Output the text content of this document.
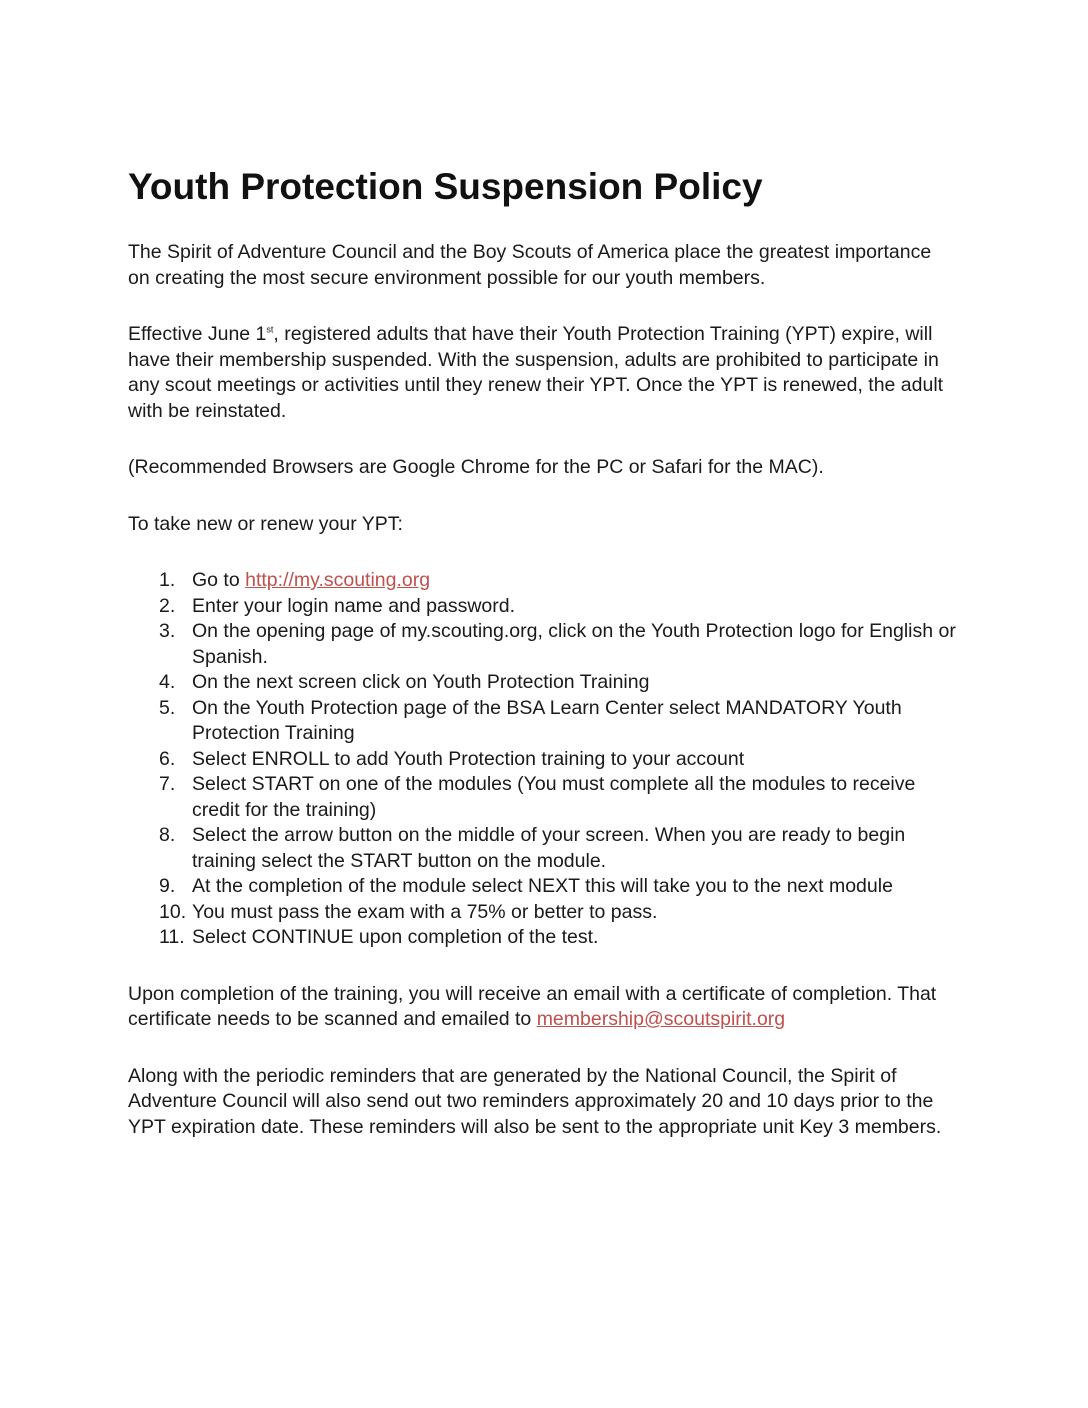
Youth Protection Suspension Policy

The Spirit of Adventure Council and the Boy Scouts of America place the greatest importance on creating the most secure environment possible for our youth members.

Effective June 1st, registered adults that have their Youth Protection Training (YPT) expire, will have their membership suspended. With the suspension, adults are prohibited to participate in any scout meetings or activities until they renew their YPT. Once the YPT is renewed, the adult with be reinstated.

(Recommended Browsers are Google Chrome for the PC or Safari for the MAC).

To take new or renew your YPT:

1. Go to http://my.scouting.org
2. Enter your login name and password.
3. On the opening page of my.scouting.org, click on the Youth Protection logo for English or Spanish.
4. On the next screen click on Youth Protection Training
5. On the Youth Protection page of the BSA Learn Center select MANDATORY Youth Protection Training
6. Select ENROLL to add Youth Protection training to your account
7. Select START on one of the modules (You must complete all the modules to receive credit for the training)
8. Select the arrow button on the middle of your screen. When you are ready to begin training select the START button on the module.
9. At the completion of the module select NEXT this will take you to the next module
10. You must pass the exam with a 75% or better to pass.
11. Select CONTINUE upon completion of the test.

Upon completion of the training, you will receive an email with a certificate of completion. That certificate needs to be scanned and emailed to membership@scoutspirit.org

Along with the periodic reminders that are generated by the National Council, the Spirit of Adventure Council will also send out two reminders approximately 20 and 10 days prior to the YPT expiration date. These reminders will also be sent to the appropriate unit Key 3 members.
